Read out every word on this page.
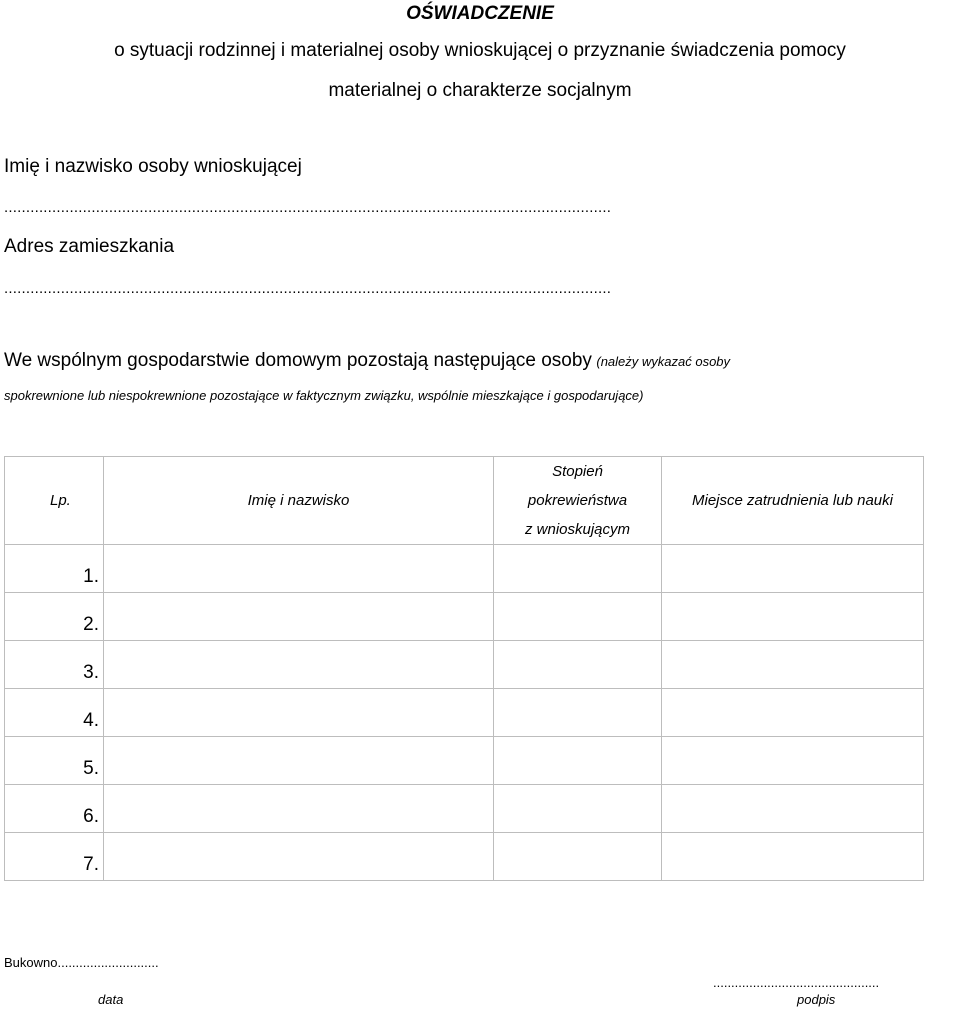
OŚWIADCZENIE
o sytuacji rodzinnej i materialnej osoby wnioskującej o przyznanie świadczenia pomocy
materialnej o charakterze socjalnym
Imię i nazwisko osoby wnioskującej
...........................................................................................................................................
Adres zamieszkania
...........................................................................................................................................
We wspólnym gospodarstwie domowym pozostają następujące osoby (należy wykazać osoby
spokrewnione lub niespokrewnione pozostające w faktycznym związku, wspólnie mieszkające i gospodarujące)
Lp.	Imię i nazwisko	Stopień
pokrewieństwa
z wnioskującym	Miejsce zatrudnienia lub nauki
1.			
2.			
3.			
4.			
5.			
6.			
7.			
Bukowno............................
data
..............................................
podpis
